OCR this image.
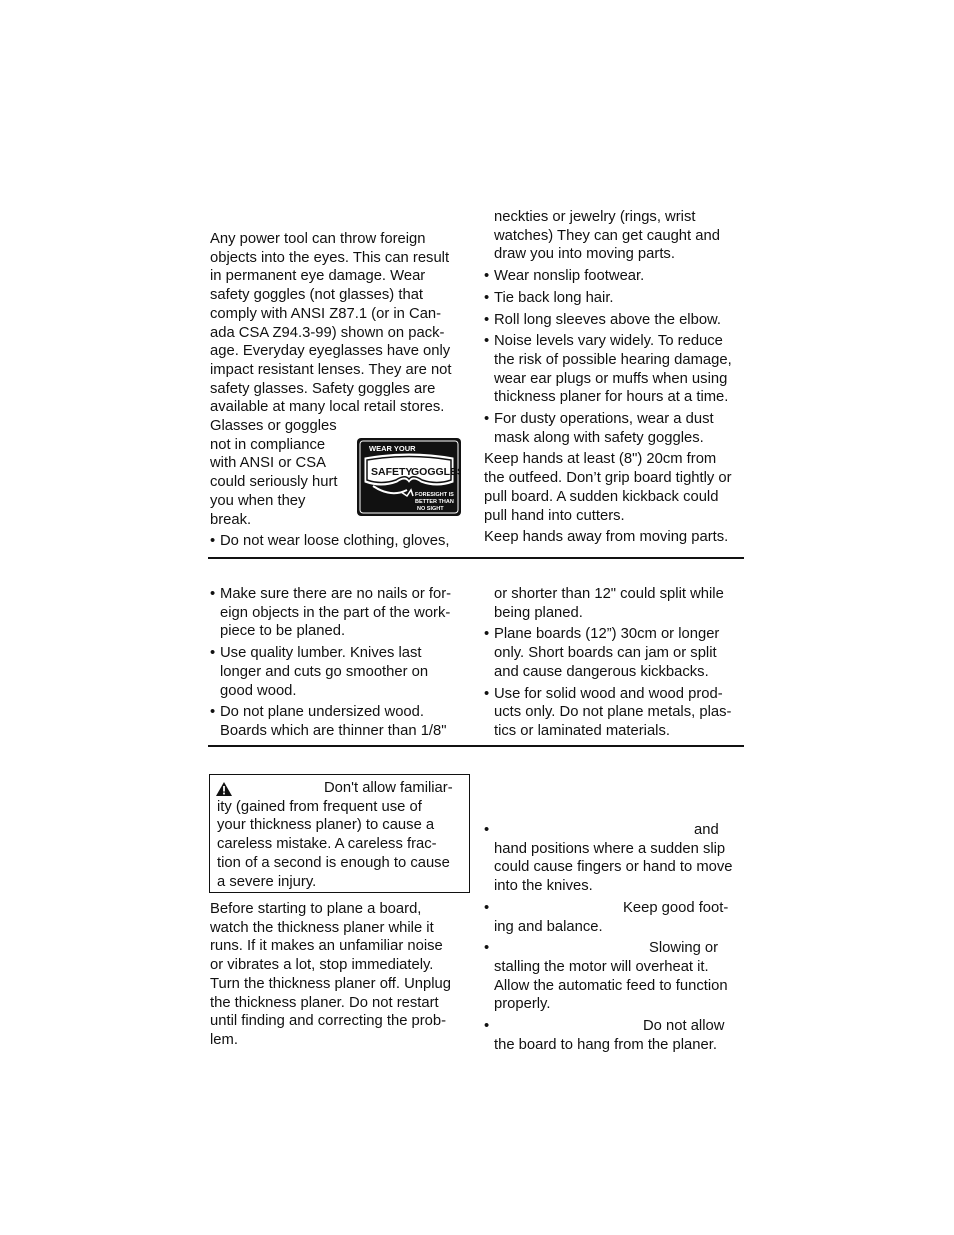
Any power tool can throw foreign
objects into the eyes. This can result
in permanent eye damage. Wear
safety goggles (not glasses) that
comply with ANSI Z87.1 (or in Can-
ada CSA Z94.3-99) shown on pack-
age. Everyday eyeglasses have only
impact resistant lenses. They are not
safety glasses. Safety goggles are
available at many local retail stores.

Glasses or goggles
not in compliance
with ANSI or CSA
could seriously hurt
you when they
break.

• Do not wear loose clothing, gloves,
WEAR YOUR
SAFETY
GOGGLES
FORESIGHT IS
BETTER THAN
NO SIGHT

neckties or jewelry (rings, wrist
watches) They can get caught and
draw you into moving parts.

• Wear nonslip footwear.
• Tie back long hair.
• Roll long sleeves above the elbow.
• Noise levels vary widely. To reduce
the risk of possible hearing damage,
wear ear plugs or muffs when using
thickness planer for hours at a time.
• For dusty operations, wear a dust
mask along with safety goggles.

Keep hands at least (8") 20cm from
the outfeed. Don’t grip board tightly or
pull board. A sudden kickback could
pull hand into cutters.

Keep hands away from moving parts.

• Make sure there are no nails or for-
eign objects in the part of the work-
piece to be planed.
• Use quality lumber. Knives last
longer and cuts go smoother on
good wood.
• Do not plane undersized wood.
Boards which are thinner than 1/8"

or shorter than 12" could split while
being planed.

• Plane boards (12”) 30cm or longer
only. Short boards can jam or split
and cause dangerous kickbacks.
• Use for solid wood and wood prod-
ucts only. Do not plane metals, plas-
tics or laminated materials.
Don't allow familiar-
ity (gained from frequent use of
your thickness planer) to cause a
careless mistake. A careless frac-
tion of a second is enough to cause
a severe injury.

Before starting to plane a board,
watch the thickness planer while it
runs. If it makes an unfamiliar noise
or vibrates a lot, stop immediately.
Turn the thickness planer off. Unplug
the thickness planer. Do not restart
until finding and correcting the prob-
lem.

•	and
hand positions where a sudden slip
could cause fingers or hand to move
into the knives.
•	Keep good foot-
ing and balance.
•	Slowing or
stalling the motor will overheat it.
Allow the automatic feed to function
properly.
•	Do not allow
the board to hang from the planer.
